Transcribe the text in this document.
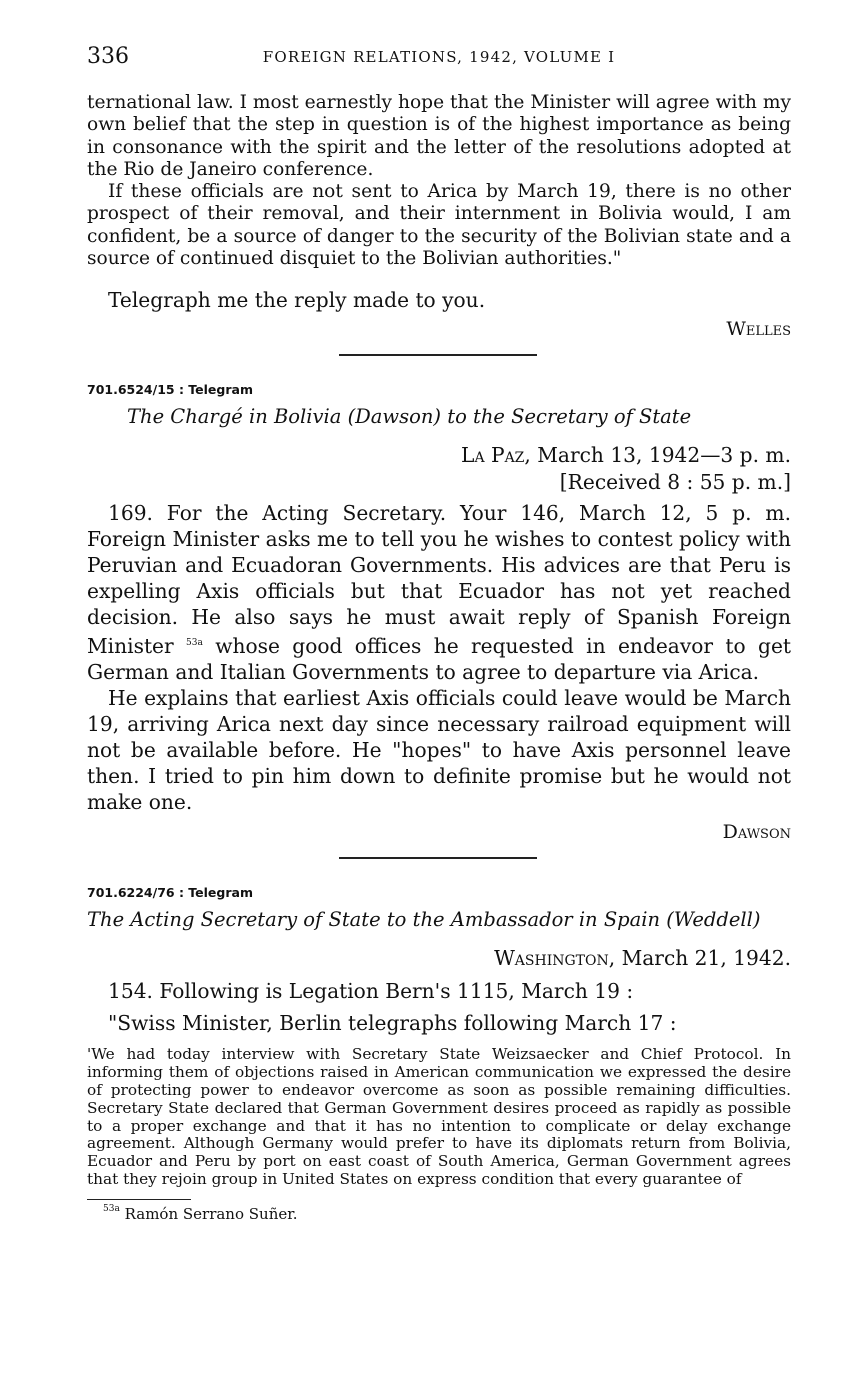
336	FOREIGN RELATIONS, 1942, VOLUME I

ternational law. I most earnestly hope that the Minister will agree with my own belief that the step in question is of the highest importance as being in consonance with the spirit and the letter of the resolutions adopted at the Rio de Janeiro conference.

If these officials are not sent to Arica by March 19, there is no other prospect of their removal, and their internment in Bolivia would, I am confident, be a source of danger to the security of the Bolivian state and a source of continued disquiet to the Bolivian authorities."

Telegraph me the reply made to you.

Welles
701.6524/15 : Telegram
The Chargé in Bolivia (Dawson) to the Secretary of State
La Paz, March 13, 1942—3 p. m.
[Received 8 : 55 p. m.]

169. For the Acting Secretary. Your 146, March 12, 5 p. m. Foreign Minister asks me to tell you he wishes to contest policy with Peruvian and Ecuadoran Governments. His advices are that Peru is expelling Axis officials but that Ecuador has not yet reached decision. He also says he must await reply of Spanish Foreign Minister $^{53a}$ whose good offices he requested in endeavor to get German and Italian Governments to agree to departure via Arica.

He explains that earliest Axis officials could leave would be March 19, arriving Arica next day since necessary railroad equipment will not be available before. He "hopes" to have Axis personnel leave then. I tried to pin him down to definite promise but he would not make one.

Dawson
701.6224/76 : Telegram
The Acting Secretary of State to the Ambassador in Spain (Weddell)
Washington, March 21, 1942.

154. Following is Legation Bern's 1115, March 19 :

"Swiss Minister, Berlin telegraphs following March 17 :

'We had today interview with Secretary State Weizsaecker and Chief Protocol. In informing them of objections raised in American communication we expressed the desire of protecting power to endeavor overcome as soon as possible remaining difficulties. Secretary State declared that German Government desires proceed as rapidly as possible to a proper exchange and that it has no intention to complicate or delay exchange agreement. Although Germany would prefer to have its diplomats return from Bolivia, Ecuador and Peru by port on east coast of South America, German Government agrees that they rejoin group in United States on express condition that every guarantee of

$^{53a}$ Ramón Serrano Suñer.
